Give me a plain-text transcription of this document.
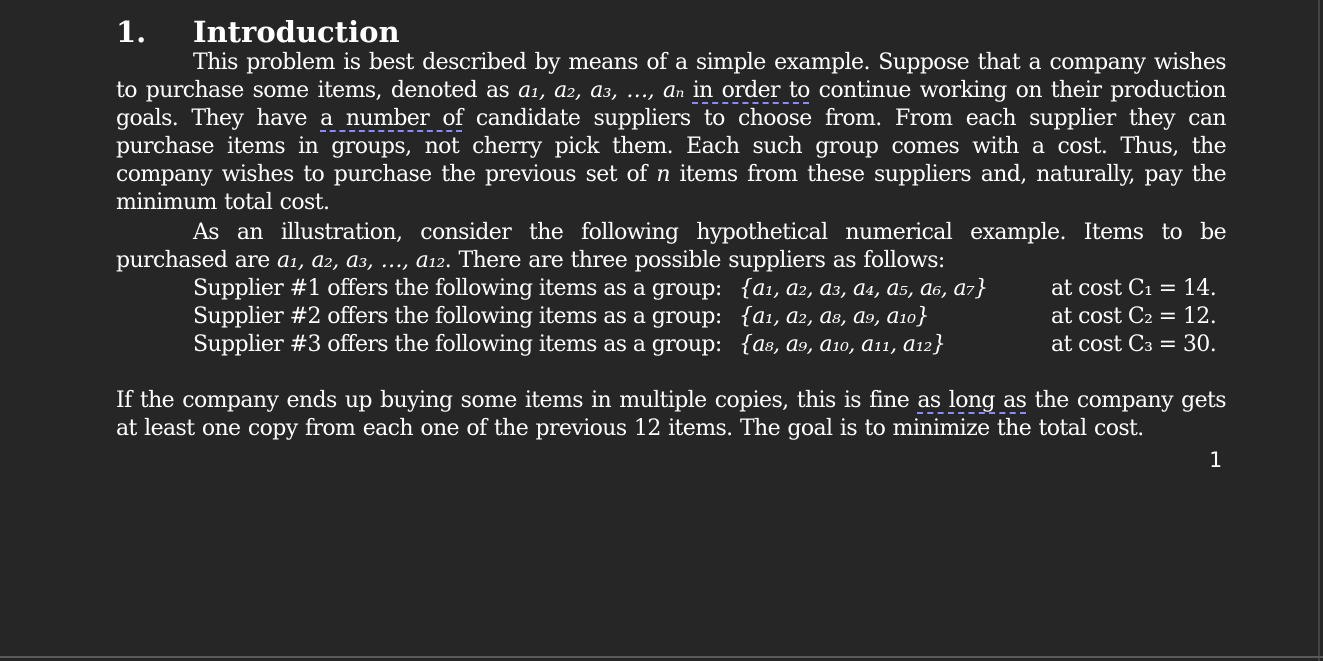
1. Introduction
This problem is best described by means of a simple example. Suppose that a company wishes to purchase some items, denoted as a₁, a₂, a₃, …, aₙ in order to continue working on their production goals. They have a number of candidate suppliers to choose from. From each supplier they can purchase items in groups, not cherry pick them. Each such group comes with a cost. Thus, the company wishes to purchase the previous set of n items from these suppliers and, naturally, pay the minimum total cost.
As an illustration, consider the following hypothetical numerical example. Items to be purchased are a₁, a₂, a₃, …, a₁₂. There are three possible suppliers as follows:
Supplier #1 offers the following items as a group: {a₁, a₂, a₃, a₄, a₅, a₆, a₇}	at cost C₁ = 14.
Supplier #2 offers the following items as a group: {a₁, a₂, a₈, a₉, a₁₀}	at cost C₂ = 12.
Supplier #3 offers the following items as a group: {a₈, a₉, a₁₀, a₁₁, a₁₂}	at cost C₃ = 30.
If the company ends up buying some items in multiple copies, this is fine as long as the company gets at least one copy from each one of the previous 12 items. The goal is to minimize the total cost.
1
